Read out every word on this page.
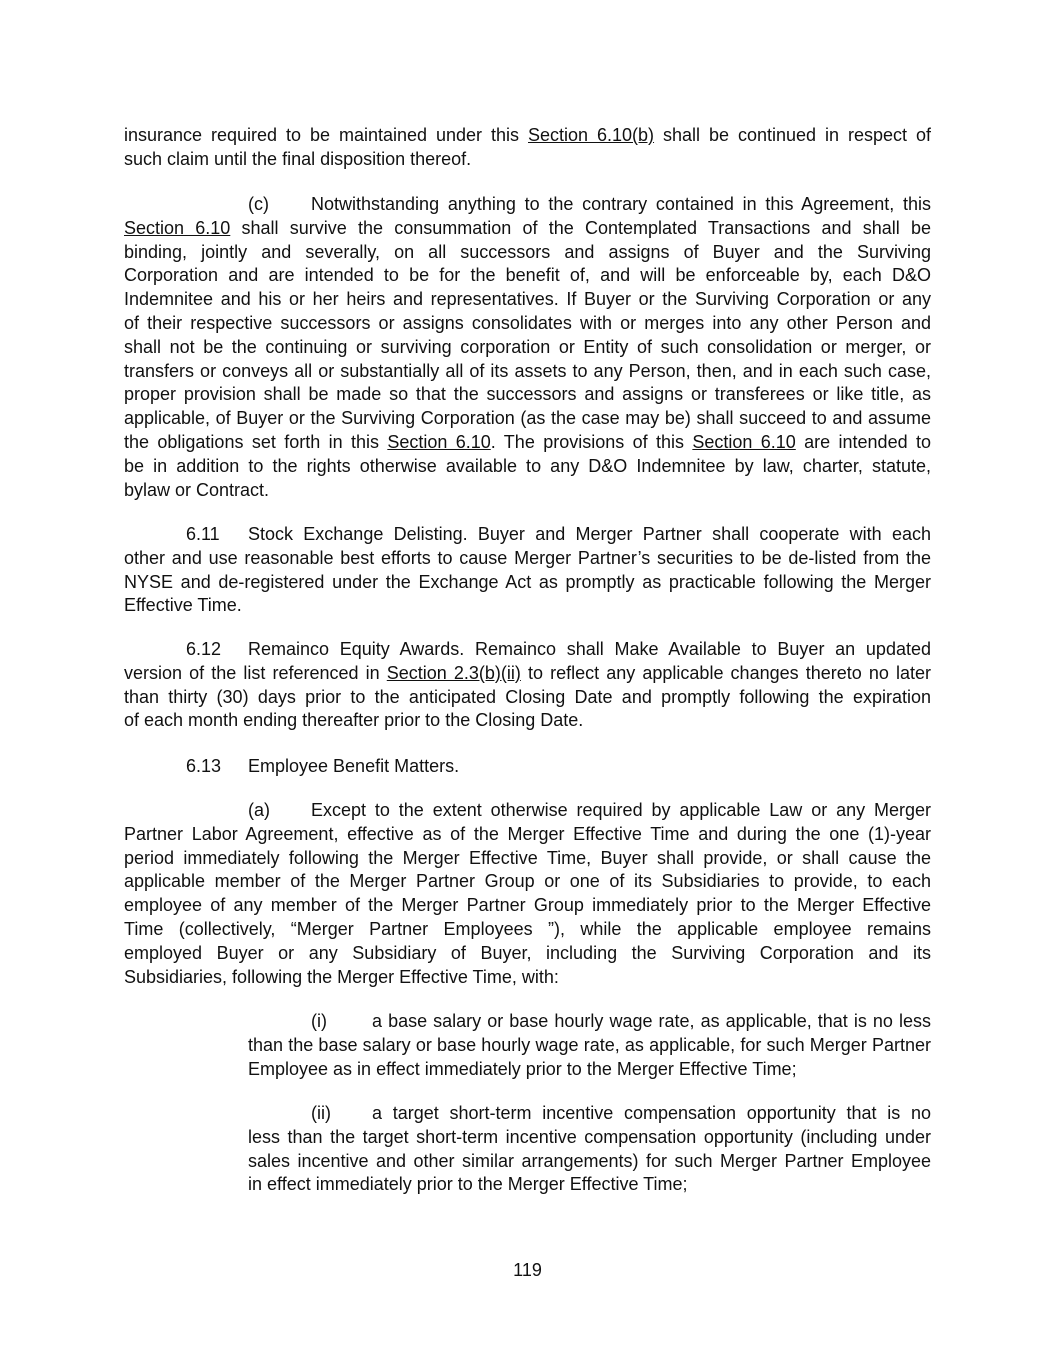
insurance required to be maintained under this Section 6.10(b) shall be continued in respect of
such claim until the final disposition thereof.
(c) Notwithstanding anything to the contrary contained in this Agreement, this
Section 6.10 shall survive the consummation of the Contemplated Transactions and shall be
binding, jointly and severally, on all successors and assigns of Buyer and the Surviving
Corporation and are intended to be for the benefit of, and will be enforceable by, each D&O
Indemnitee and his or her heirs and representatives. If Buyer or the Surviving Corporation or any
of their respective successors or assigns consolidates with or merges into any other Person and
shall not be the continuing or surviving corporation or Entity of such consolidation or merger, or
transfers or conveys all or substantially all of its assets to any Person, then, and in each such case,
proper provision shall be made so that the successors and assigns or transferees or like title, as
applicable, of Buyer or the Surviving Corporation (as the case may be) shall succeed to and assume
the obligations set forth in this Section 6.10. The provisions of this Section 6.10 are intended to
be in addition to the rights otherwise available to any D&O Indemnitee by law, charter, statute,
bylaw or Contract.
6.11 Stock Exchange Delisting. Buyer and Merger Partner shall cooperate with each
other and use reasonable best efforts to cause Merger Partner’s securities to be de-listed from the
NYSE and de-registered under the Exchange Act as promptly as practicable following the Merger
Effective Time.
6.12 Remainco Equity Awards. Remainco shall Make Available to Buyer an updated
version of the list referenced in Section 2.3(b)(ii) to reflect any applicable changes thereto no later
than thirty (30) days prior to the anticipated Closing Date and promptly following the expiration
of each month ending thereafter prior to the Closing Date.
6.13 Employee Benefit Matters.
(a) Except to the extent otherwise required by applicable Law or any Merger
Partner Labor Agreement, effective as of the Merger Effective Time and during the one (1)-year
period immediately following the Merger Effective Time, Buyer shall provide, or shall cause the
applicable member of the Merger Partner Group or one of its Subsidiaries to provide, to each
employee of any member of the Merger Partner Group immediately prior to the Merger Effective
Time (collectively, “Merger Partner Employees ”), while the applicable employee remains
employed Buyer or any Subsidiary of Buyer, including the Surviving Corporation and its
Subsidiaries, following the Merger Effective Time, with:
(i)	a base salary or base hourly wage rate, as applicable, that is no less
than the base salary or base hourly wage rate, as applicable, for such Merger Partner
Employee as in effect immediately prior to the Merger Effective Time;
(ii) a target short-term incentive compensation opportunity that is no
less than the target short-term incentive compensation opportunity (including under
sales incentive and other similar arrangements) for such Merger Partner Employee
in effect immediately prior to the Merger Effective Time;
119
